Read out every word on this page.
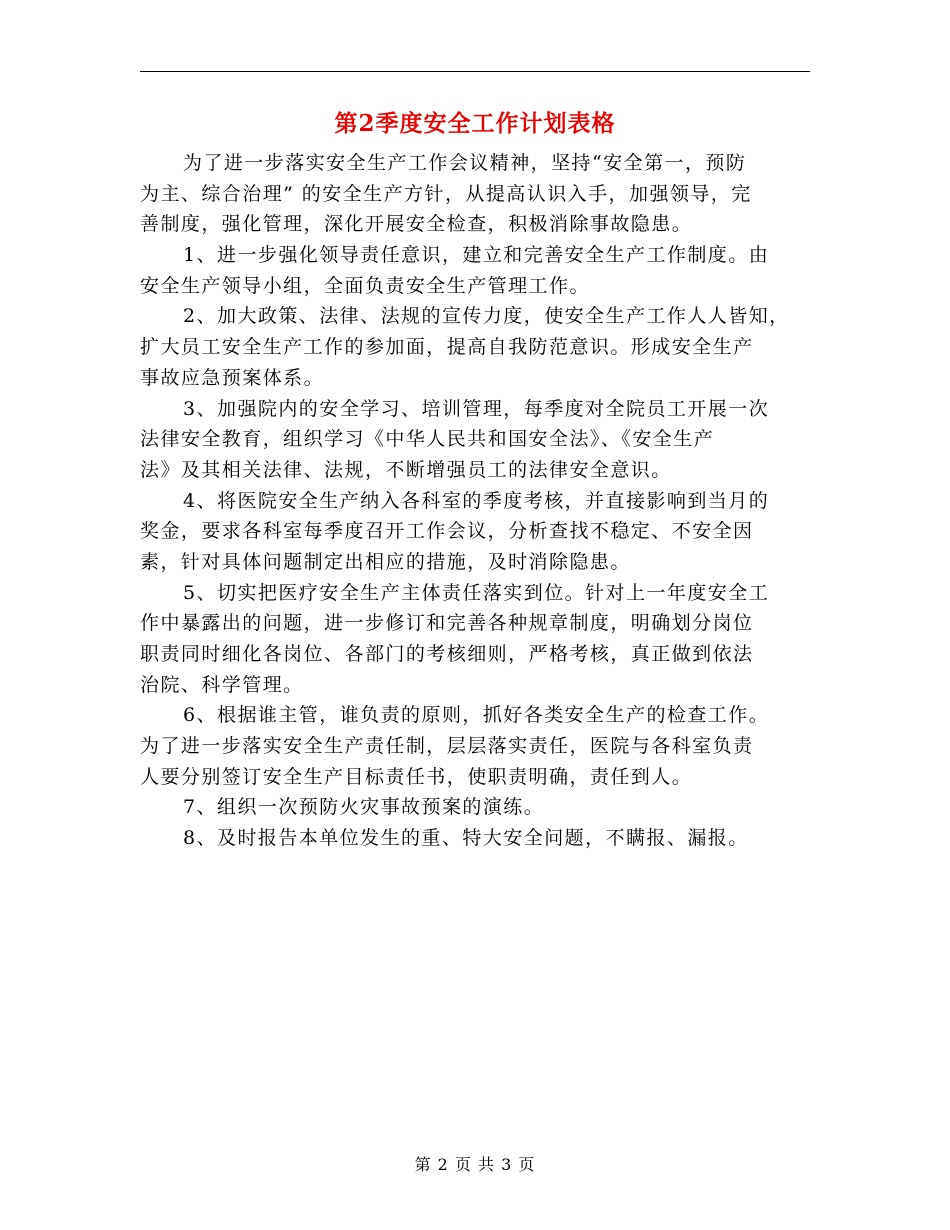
第2季度安全工作计划表格
为了进一步落实安全生产工作会议精神，坚持“安全第一，预防
为主、综合治理” 的安全生产方针，从提高认识入手，加强领导，完
善制度，强化管理，深化开展安全检查，积极消除事故隐患。
1、进一步强化领导责任意识，建立和完善安全生产工作制度。由
安全生产领导小组，全面负责安全生产管理工作。
2、加大政策、法律、法规的宣传力度，使安全生产工作人人皆知，
扩大员工安全生产工作的参加面，提高自我防范意识。形成安全生产
事故应急预案体系。
3、加强院内的安全学习、培训管理，每季度对全院员工开展一次
法律安全教育，组织学习《中华人民共和国安全法》、《安全生产
法》及其相关法律、法规，不断增强员工的法律安全意识。
4、将医院安全生产纳入各科室的季度考核，并直接影响到当月的
奖金，要求各科室每季度召开工作会议，分析查找不稳定、不安全因
素，针对具体问题制定出相应的措施，及时消除隐患。
5、切实把医疗安全生产主体责任落实到位。针对上一年度安全工
作中暴露出的问题，进一步修订和完善各种规章制度，明确划分岗位
职责同时细化各岗位、各部门的考核细则，严格考核，真正做到依法
治院、科学管理。
6、根据谁主管，谁负责的原则，抓好各类安全生产的检查工作。
为了进一步落实安全生产责任制，层层落实责任，医院与各科室负责
人要分别签订安全生产目标责任书，使职责明确，责任到人。
7、组织一次预防火灾事故预案的演练。
8、及时报告本单位发生的重、特大安全问题，不瞒报、漏报。
第 2 页 共 3 页
